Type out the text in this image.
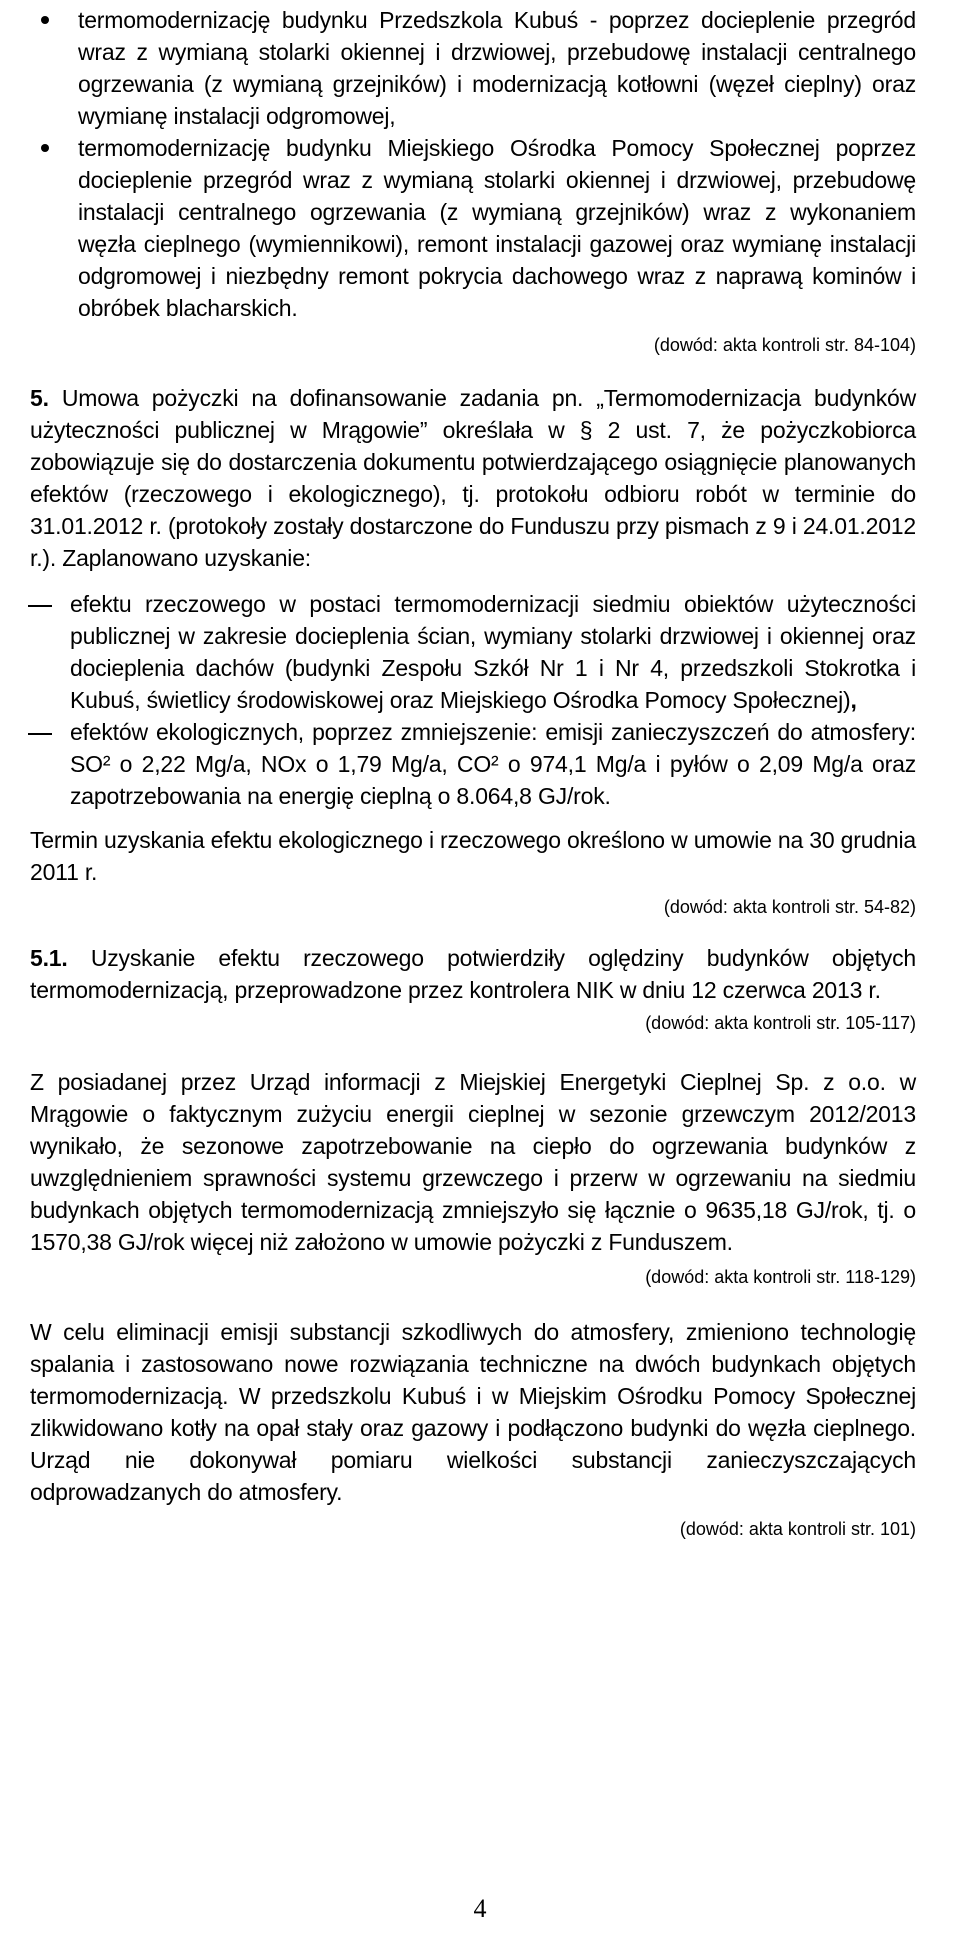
termomodernizację budynku Przedszkola Kubuś - poprzez docieplenie przegród wraz z wymianą stolarki okiennej i drzwiowej, przebudowę instalacji centralnego ogrzewania (z wymianą grzejników) i modernizacją kotłowni (węzeł cieplny) oraz wymianę instalacji odgromowej,
termomodernizację budynku Miejskiego Ośrodka Pomocy Społecznej poprzez docieplenie przegród wraz z wymianą stolarki okiennej i drzwiowej, przebudowę instalacji centralnego ogrzewania (z wymianą grzejników) wraz z wykonaniem węzła cieplnego (wymiennikowi), remont instalacji gazowej oraz wymianę instalacji odgromowej i niezbędny remont pokrycia dachowego wraz z naprawą kominów i obróbek blacharskich.

(dowód: akta kontroli str. 84-104)

5. Umowa pożyczki na dofinansowanie zadania pn. „Termomodernizacja budynków użyteczności publicznej w Mrągowie” określała w § 2 ust. 7, że pożyczkobiorca zobowiązuje się do dostarczenia dokumentu potwierdzającego osiągnięcie planowanych efektów (rzeczowego i ekologicznego), tj. protokołu odbioru robót w terminie do 31.01.2012 r. (protokoły zostały dostarczone do Funduszu przy pismach z 9 i 24.01.2012 r.). Zaplanowano uzyskanie:

efektu rzeczowego w postaci termomodernizacji siedmiu obiektów użyteczności publicznej w zakresie docieplenia ścian, wymiany stolarki drzwiowej i okiennej oraz docieplenia dachów (budynki Zespołu Szkół Nr 1 i Nr 4, przedszkoli Stokrotka i Kubuś, świetlicy środowiskowej oraz Miejskiego Ośrodka Pomocy Społecznej),
efektów ekologicznych, poprzez zmniejszenie: emisji zanieczyszczeń do atmosfery: SO² o 2,22 Mg/a, NOx o 1,79 Mg/a, CO² o 974,1 Mg/a i pyłów o 2,09 Mg/a oraz zapotrzebowania na energię cieplną o 8.064,8 GJ/rok.

Termin uzyskania efektu ekologicznego i rzeczowego określono w umowie na 30 grudnia 2011 r.

(dowód: akta kontroli str. 54-82)

5.1. Uzyskanie efektu rzeczowego potwierdziły oględziny budynków objętych termomodernizacją, przeprowadzone przez kontrolera NIK w dniu 12 czerwca 2013 r.

(dowód: akta kontroli str. 105-117)

Z posiadanej przez Urząd informacji z Miejskiej Energetyki Cieplnej Sp. z o.o. w Mrągowie o faktycznym zużyciu energii cieplnej w sezonie grzewczym 2012/2013 wynikało, że sezonowe zapotrzebowanie na ciepło do ogrzewania budynków z uwzględnieniem sprawności systemu grzewczego i przerw w ogrzewaniu na siedmiu budynkach objętych termomodernizacją zmniejszyło się łącznie o 9635,18 GJ/rok, tj. o 1570,38 GJ/rok więcej niż założono w umowie pożyczki z Funduszem.

(dowód: akta kontroli str. 118-129)

W celu eliminacji emisji substancji szkodliwych do atmosfery, zmieniono technologię spalania i zastosowano nowe rozwiązania techniczne na dwóch budynkach objętych termomodernizacją. W przedszkolu Kubuś i w Miejskim Ośrodku Pomocy Społecznej zlikwidowano kotły na opał stały oraz gazowy i podłączono budynki do węzła cieplnego. Urząd nie dokonywał pomiaru wielkości substancji zanieczyszczających odprowadzanych do atmosfery.

(dowód: akta kontroli str. 101)

4
